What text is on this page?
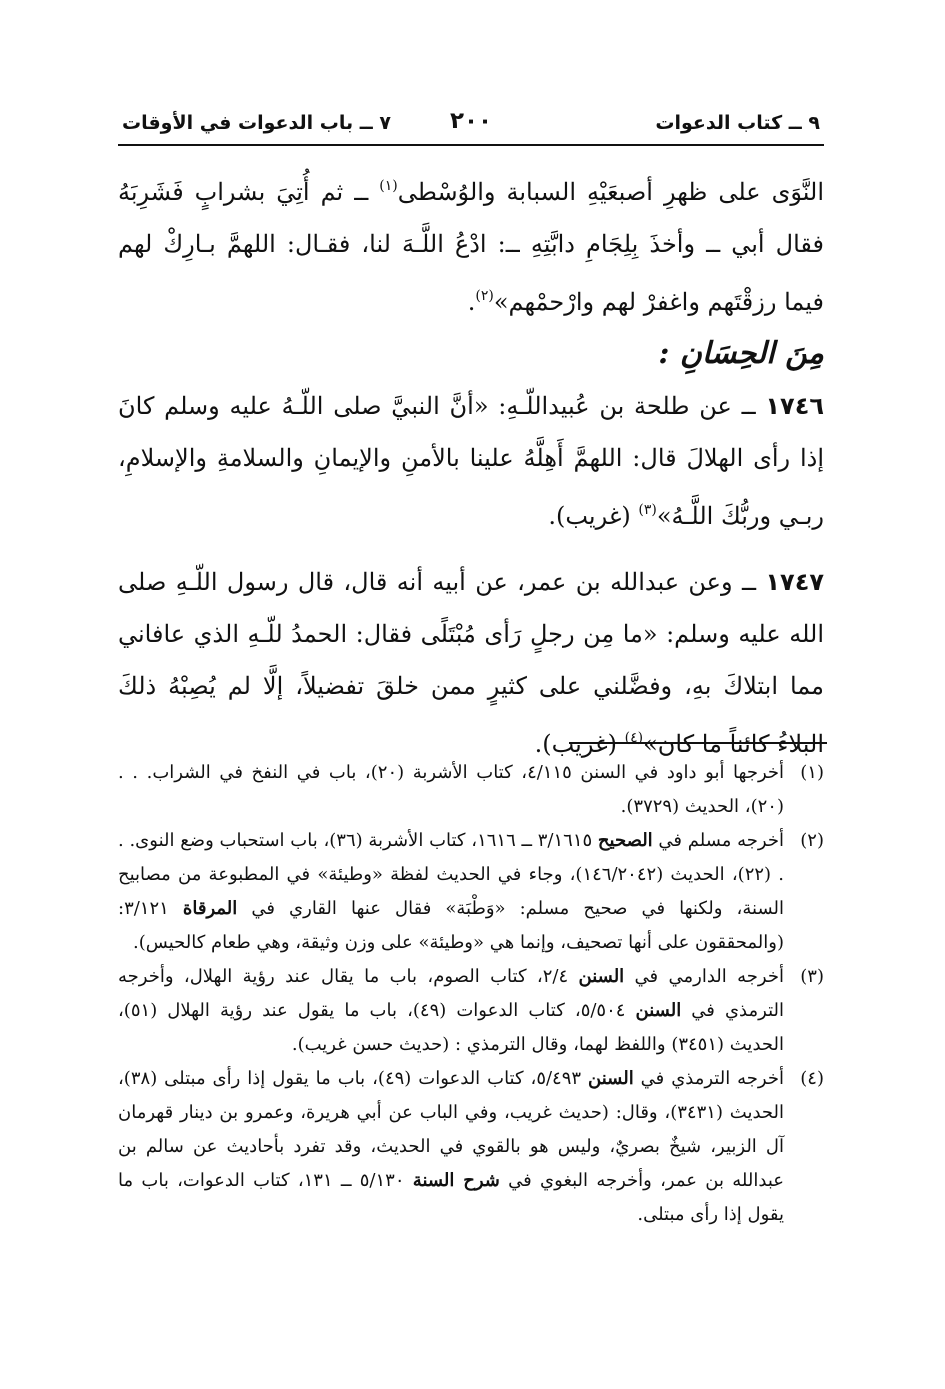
٩ ــ كتاب الدعوات
٢٠٠
٧ ــ باب الدعوات في الأوقات

النَّوَى على ظهرِ أصبعَيْهِ السبابة والوُسْطى$^{(١)}$ ــ ثم أُتِيَ بشرابٍ فَشَرِبَهُ فقال أبي ــ وأخذَ بِلِجَامِ دابَّتِهِ ــ: ادْعُ اللَّـهَ لنا، فقـال: اللهمَّ بـارِكْ لهم فيما رزقْتَهم واغفرْ لهم وارْحمْهم»$^{(٢)}$.

مِنَ الحِسَانِ :

١٧٤٦ ــ عن طلحة بن عُبيداللّـهِ: «أنَّ النبيَّ صلى اللّـهُ عليه وسلم كانَ إذا رأى الهلالَ قال: اللهمَّ أَهِلَّهُ علينا بالأمنِ والإيمانِ والسلامةِ والإسلامِ، ربـي وربُّكَ اللَّـهُ»$^{(٣)}$ (غريب).

١٧٤٧ ــ وعن عبدالله بن عمر، عن أبيه أنه قال، قال رسول اللّـهِ صلى الله عليه وسلم: «ما مِن رجلٍ رَأى مُبْتَلًى فقال: الحمدُ للّـهِ الذي عافاني مما ابتلاكَ بهِ، وفضَّلني على كثيرٍ ممن خلقَ تفضيلاً، إلَّا لم يُصِبْهُ ذلكَ البلاءُ كائناً ما كان»$^{(٤)}$ (غريب).

(١)
أخرجها أبو داود في السنن ٤/١١٥، كتاب الأشربة (٢٠)، باب في النفخ في الشراب. . . (٢٠)، الحديث (٣٧٢٩).

(٢)
أخرجه مسلم في الصحيح ٣/١٦١٥ ــ ١٦١٦، كتاب الأشربة (٣٦)، باب استحباب وضع النوى. . . (٢٢)، الحديث (١٤٦/٢٠٤٢)، وجاء في الحديث لفظة «وطيئة» في المطبوعة من مصابيح السنة، ولكنها في صحيح مسلم: «وَطْبَة» فقال عنها القاري في المرقاة ٣/١٢١: (والمحققون على أنها تصحيف، وإنما هي «وطيئة» على وزن وثيقة، وهي طعام كالحيس).

(٣)
أخرجه الدارمي في السنن ٢/٤، كتاب الصوم، باب ما يقال عند رؤية الهلال، وأخرجه الترمذي في السنن ٥/٥٠٤، كتاب الدعوات (٤٩)، باب ما يقول عند رؤية الهلال (٥١)، الحديث (٣٤٥١) واللفظ لهما، وقال الترمذي : (حديث حسن غريب).

(٤)
أخرجه الترمذي في السنن ٥/٤٩٣، كتاب الدعوات (٤٩)، باب ما يقول إذا رأى مبتلى (٣٨)، الحديث (٣٤٣١)، وقال: (حديث غريب، وفي الباب عن أبي هريرة، وعمرو بن دينار قهرمان آل الزبير، شيخٌ بصريٌ، وليس هو بالقوي في الحديث، وقد تفرد بأحاديث عن سالم بن عبدالله بن عمر، وأخرجه البغوي في شرح السنة ٥/١٣٠ ــ ١٣١، كتاب الدعوات، باب ما يقول إذا رأى مبتلى.
